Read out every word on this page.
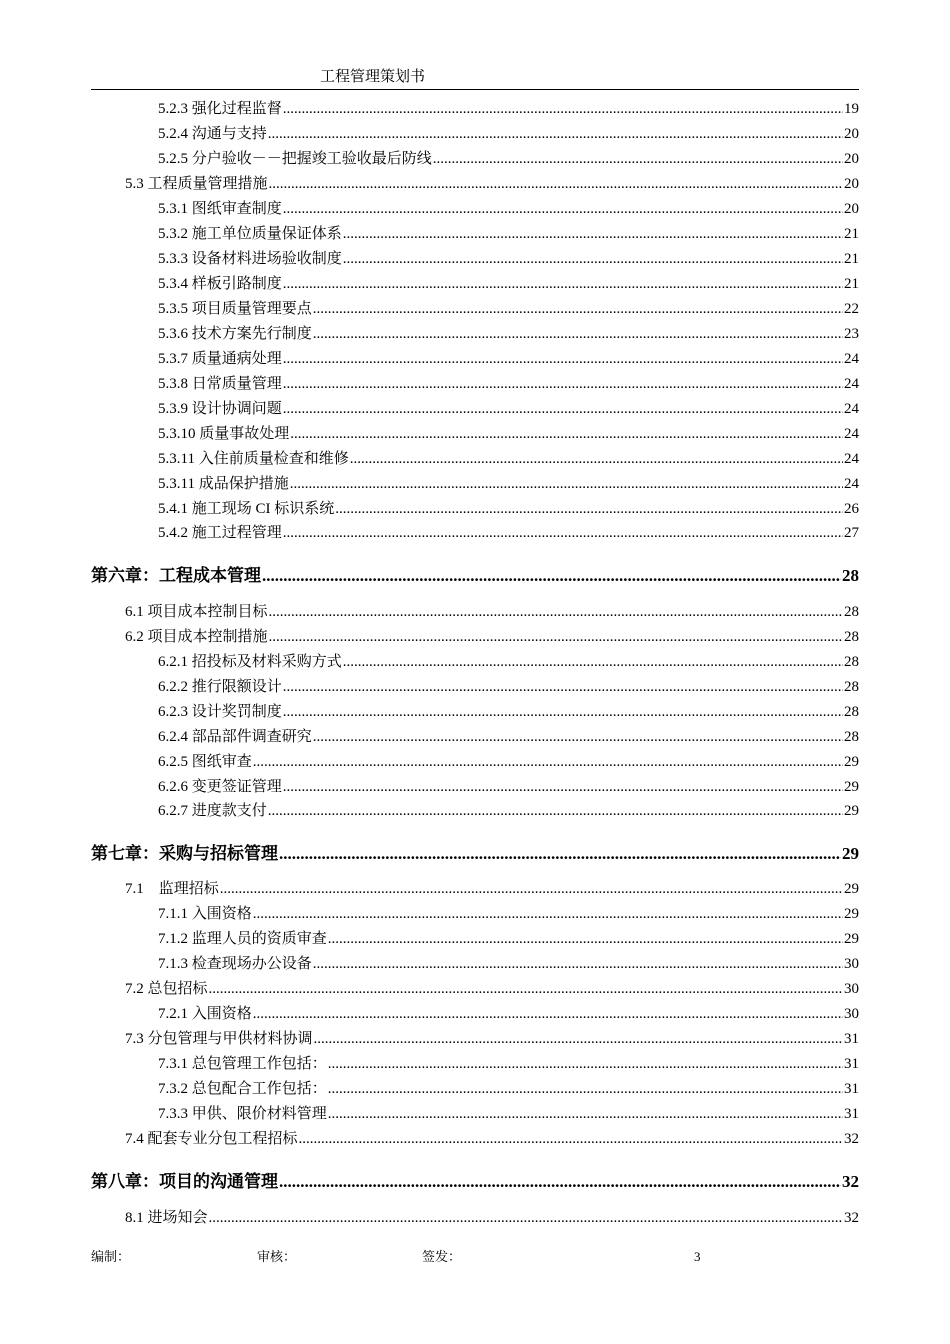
工程管理策划书
5.2.3 强化过程监督 .....	19
5.2.4 沟通与支持 .....	20
5.2.5 分户验收－－把握竣工验收最后防线 .....	20
5.3 工程质量管理措施 .....	20
5.3.1 图纸审查制度 .....	20
5.3.2 施工单位质量保证体系 .....	21
5.3.3 设备材料进场验收制度 .....	21
5.3.4 样板引路制度 .....	21
5.3.5 项目质量管理要点 .....	22
5.3.6 技术方案先行制度 .....	23
5.3.7 质量通病处理 .....	24
5.3.8 日常质量管理 .....	24
5.3.9 设计协调问题 .....	24
5.3.10 质量事故处理 .....	24
5.3.11 入住前质量检查和维修 .....	24
5.3.11 成品保护措施 .....	24
5.4.1 施工现场 CI 标识系统 .....	26
5.4.2 施工过程管理 .....	27
第六章：工程成本管理 .....	28
6.1 项目成本控制目标 .....	28
6.2 项目成本控制措施 .....	28
6.2.1 招投标及材料采购方式 .....	28
6.2.2 推行限额设计 .....	28
6.2.3 设计奖罚制度 .....	28
6.2.4 部品部件调查研究 .....	28
6.2.5 图纸审查 .....	29
6.2.6 变更签证管理 .....	29
6.2.7 进度款支付 .....	29
第七章：采购与招标管理 .....	29
7.1　监理招标 .....	29
7.1.1 入围资格 .....	29
7.1.2 监理人员的资质审查 .....	29
7.1.3 检查现场办公设备 .....	30
7.2 总包招标 .....	30
7.2.1 入围资格 .....	30
7.3 分包管理与甲供材料协调 .....	31
7.3.1 总包管理工作包括： .....	31
7.3.2 总包配合工作包括： .....	31
7.3.3 甲供、限价材料管理 .....	31
7.4 配套专业分包工程招标 .....	32
第八章：项目的沟通管理 .....	32
8.1 进场知会 .....	32
编制：	审核：	签发：	3
